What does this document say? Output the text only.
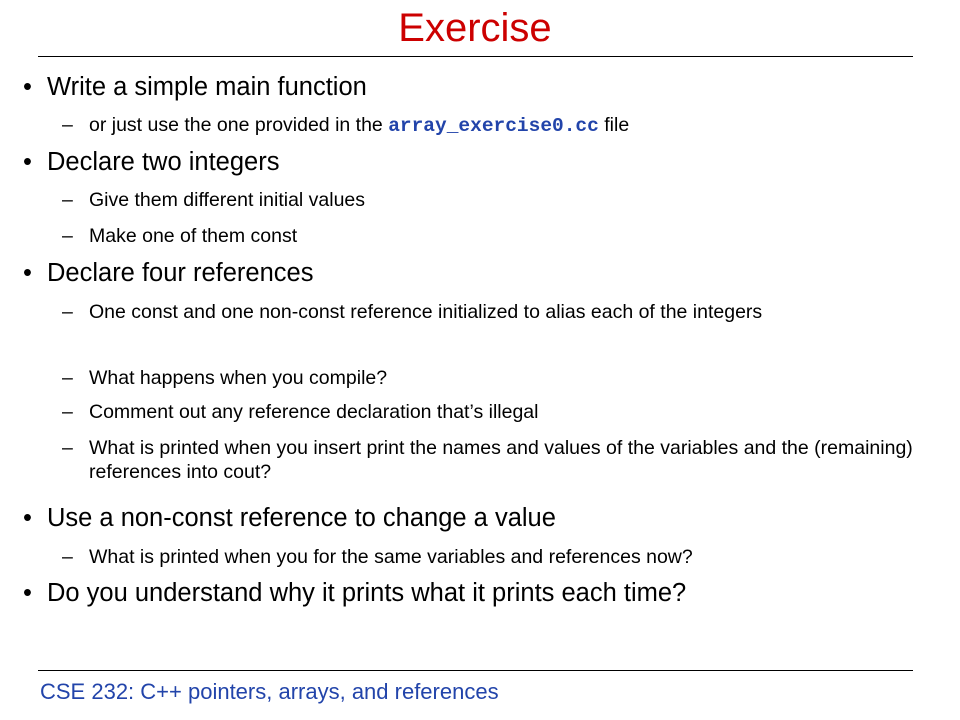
Exercise
• Write a simple main function
– or just use the one provided in the array_exercise0.cc file
• Declare two integers
– Give them different initial values
– Make one of them const
• Declare four references
– One const and one non-const reference initialized to alias each of the integers
– What happens when you compile?
– Comment out any reference declaration that’s illegal
– What is printed when you insert print the names and values of the variables and the (remaining) references into cout?
• Use a non-const reference to change a value
– What is printed when you for the same variables and references now?
• Do you understand why it prints what it prints each time?
CSE 232: C++ pointers, arrays, and references
